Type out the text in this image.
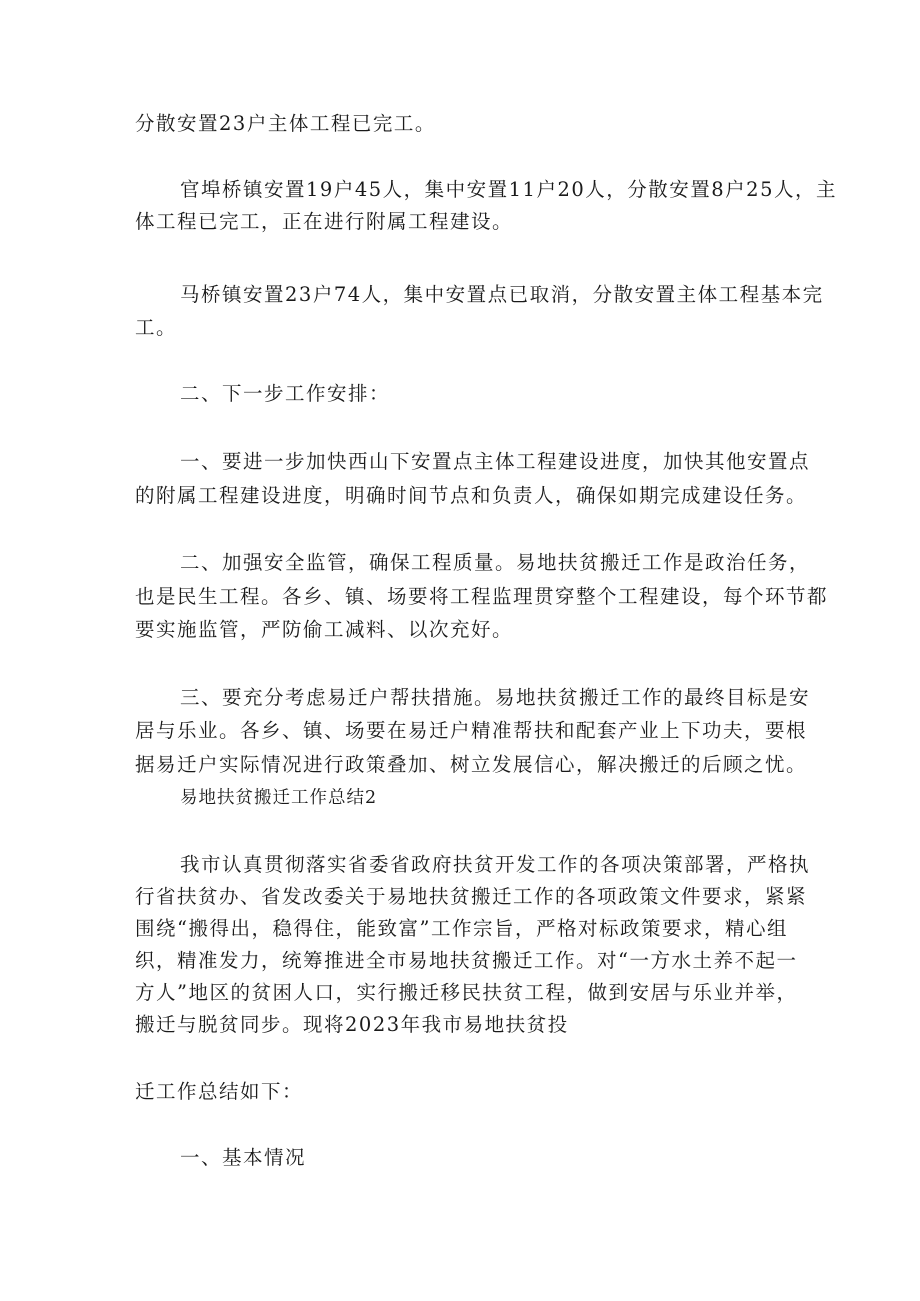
分散安置23户主体工程已完工。
官埠桥镇安置19户45人，集中安置11户20人，分散安置8户25人，主
体工程已完工，正在进行附属工程建设。
马桥镇安置23户74人，集中安置点已取消，分散安置主体工程基本完
工。
二、下一步工作安排：
一、要进一步加快西山下安置点主体工程建设进度，加快其他安置点
的附属工程建设进度，明确时间节点和负责人，确保如期完成建设任务。
二、加强安全监管，确保工程质量。易地扶贫搬迁工作是政治任务，
也是民生工程。各乡、镇、场要将工程监理贯穿整个工程建设，每个环节都
要实施监管，严防偷工减料、以次充好。
三、要充分考虑易迁户帮扶措施。易地扶贫搬迁工作的最终目标是安
居与乐业。各乡、镇、场要在易迁户精准帮扶和配套产业上下功夫，要根
据易迁户实际情况进行政策叠加、树立发展信心，解决搬迁的后顾之忧。
易地扶贫搬迁工作总结2
我市认真贯彻落实省委省政府扶贫开发工作的各项决策部署，严格执
行省扶贫办、省发改委关于易地扶贫搬迁工作的各项政策文件要求，紧紧
围绕“搬得出，稳得住，能致富”工作宗旨，严格对标政策要求，精心组
织，精准发力，统筹推进全市易地扶贫搬迁工作。对“一方水土养不起一
方人”地区的贫困人口，实行搬迁移民扶贫工程，做到安居与乐业并举，
搬迁与脱贫同步。现将2023年我市易地扶贫投
迁工作总结如下：
一、基本情况
